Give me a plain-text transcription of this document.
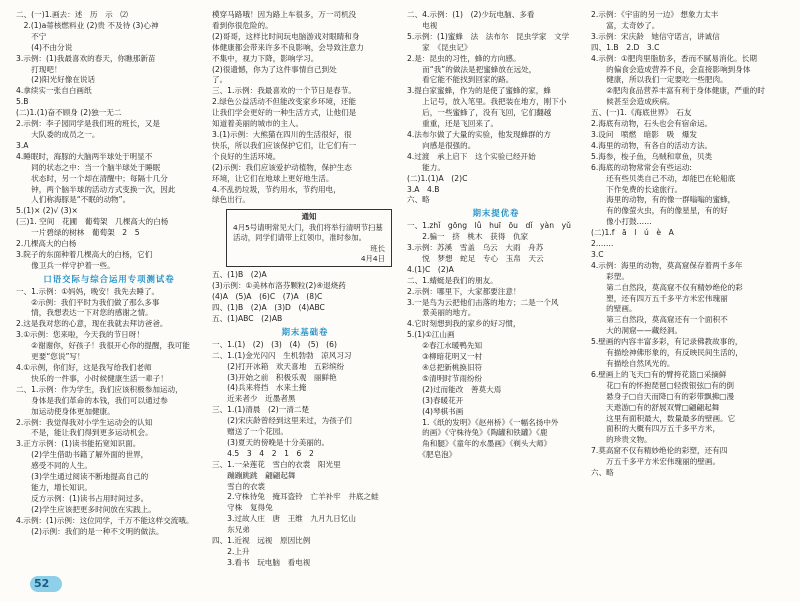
二、(一)1.画去：述　历　示　⑵
　2.(1)a蒂核燃料业 (2)贵 不及待 (3)心神
　　不宁
　　(4)不由分说
3.示例：(1)我最喜欢的春天，你瞧那新苗
　　打现吧！
　　(2)阳光好像在说话
4.拿续实一张自白画纸
5.B
(二)1.(1)奋不顾身 (2)独一无二
2.示例：李子园同学是我们班的班长，又是
　　大队委的成员之一。
3.A
4.睡眠时，海豚的大脑两半球处于明显不
　　同的状态之中：当一个脑半球处于睡眠
　　状态时，另一个却在清醒中；每隔十几分
　　钟，两个脑半球的活动方式变换一次，因此
　　人们称海豚是“不眠的动物”。
5.(1)× (2)√ (3)×
(三)1. 空间　花圃　葡萄架　几棵高大的白杨
　　一片碧绿的树林　葡萄架　2　5
2.几棵高大的白杨
3.院子的东面种着几棵高大的白杨，它们
　　像卫兵一样守护着一些。
口语交际与综合运用专项测试卷
一、1.示例：①妈妈，晚安！我先去睡了。
　　②示例：我们平时为我们做了那么多事
　　情，我想表达一下对您的感谢之情。
2.这是我对您的心意，现在我就去拜访爸爸。
3.①示例：您来啦，今天我的节日呀！
　　②谢谢你，好孩子！我很开心你的提醒，我可能
　　更要“您说”写！
4.①示例，你们好，这是我写给我们老师
　　快乐的一件事，小时候健康生活一辈子！
二、1.示例：作为学生，我们应该积极参加运动，
　　身体是我们革命的本钱，我们可以通过参
　　加运动使身体更加健康。
2.示例：我觉得我对小学生运动会的认知
　　不是，能让我们得到更多运动机会。
3.正方示例：(1)读书能拓宽知识面。
　　(2)学生借助书籍了解外面的世界，
　　感受不同的人生。
　　(3)学生通过阅读不断地提高自己的
　　能力，增长知识。
　　反方示例：(1)读书占用时间过多。
　　(2)学生应该把更多时间放在实践上。
4.示例：(1)示例：这位同学，千万不能这样交流哦。
　　(2)示例：我们的是一种不文明的做法。
模穿马路哦！因为路上车很多，万一司机没
看到你很危险的。
(2)哥哥，这样比时间玩电脑游戏对眼睛和身
体健康都会带来许多不良影响，会导致注意力
不集中，视力下降，影响学习。
(2)很遗憾，你为了这件事情自己到处
了。
三、1.示例：我最喜欢的一个节日是春节。
2.绿色公益活动不但能改变家乡环境，还能
让我们学会更好的一种生活方式，让他们是
知道着美丽的城市的主人。
3.(1)示例：大熊猫在四川的生活很好，很
快乐，所以我们应该保护它们，让它们有一
个良好的生活环境。
(2)示例：我们应该爱护动植物，保护生态
环境，让它们在地球上更好地生活。
4.不乱扔垃圾，节约用水，节约用电，
绿色出行。
通知
4月5号请明常见大门，我们将举行清明节扫墓活动，同学们请带上红领巾，准时参加。
班长
4月4日
五、(1)B　(2)A
(3)示例：①美林布洛芬颗粒(2)④退烧药
(4)A　(5)A　(6)C　(7)A　(8)C
四、(1)B　(2)A　(3)D　(4)ABC
五、(1)ABC　(2)AB
期末基础卷
一、1.(1)　(2)　(3)　(4)　(5)　(6)
二、1.(1)金光闪闪　生机勃勃　凉风习习
　　(2)打开冰箱　欢天喜地　五彩缤纷
　　(3)开始之前　积极乐观　丽鲜艳
　　(4)兵来将挡　水来土掩
　　近来者少　近墨者黑
三、1.(1)清晨　(2)一清二楚
　　(2)宋庆龄曾经到这里来过，为孩子们
　　赠送了一个花园。
　　(3)夏天的傍晚是十分美丽的。
　　4.5　3　4　2　1　6　2
三、1.一朵莲花　雪白的衣裳　阳光里
　　蹦蹦跳跳　翩翩起舞
　　雪白的衣裳
　　2.守株待兔　掩耳盗铃　亡羊补牢　井底之蛙
　　守株　复得兔
　　3.过故人庄　唐　王维　九月九日忆山
　　东兄弟
四、1.近视　远视　原因比例
　　2.上升
　　3.看书　玩电脑　看电视
二、4.示例：(1)　(2)少玩电脑、多看
　　电视
5.示例：(1)蜜蜂　法　法布尔　昆虫学家　文学
　　家　《昆虫记》
2.是：昆虫的习性，蜂的方向感。
　　而“我”的做法是把蜜蜂放在远处，
　　看它能不能找到回家的路。
3.提白家蜜蜂，作为的是使了蜜蜂的家，蜂
　　上记号，放入笔里。我把装在地方，刚下小
　　后，一些蜜蜂了，没有飞回，它们翻越
　　重重，还是飞回来了。
4.法布尔做了大量的实验，他发现蜂群的方
　　向感是很强的。
4.过渡　承上启下　这个实验已经开始
　　能力。
(二)1.(1)A　(2)C
3.A　4.B
六、略
期末提优卷
一、1.zhǐ　gōng　lǚ　huī　ōu　dǐ　yàn　yǔ
　　2.骗一　挤　桃木　获得　仇家
3.示例：苏溪　雪盖　乌云　大雨　舟苏
　　悦　梦想　蛇足　专心　玉帛　天云
4.(1)C　(2)A
二、1.蜻蜓是我们的朋友。
2.示例：哪里下，大家都要注意！
3.一是鸟为云把他们击落的地方；二是一个风
　　景美丽的地方。
4.它时刻想到我的家乡的好习惯，
5.(1)①江山画
　　②春江水暖鸭先知
　　③柳暗花明又一村
　　④总把新桃换旧符
　　⑤清明时节雨纷纷
　　(2)过而能改　善莫大焉
　　(3)春暖花开
　　(4)琴棋书画
　　1.《纸的发明》《赵州桥》《一幅名扬中外
　　的画》《守株待兔》《陶罐和铁罐》《鹿
　　角和腿》《童年的水墨画》《剃头大师》
　　《肥皂泡》
2.示例：《宇宙的另一边》 想象力太丰
　　富，太奇妙了。
3.示例：宋庆龄　她信守诺言，讲诚信
四、1.B　2.D　3.C
4.示例：①肥肉里脂肪多，香而不腻易消化。长期
　　的偏食会造成营养不良，会直接影响到身体
　　健康，所以我们一定要吃一些肥肉。
　　②肥肉食品营养丰富有利于身体健康，严重的时
　　候甚至会造成疾病。
五、(一)1.《海底世界》　石友
2.海底有动物，石头也会有宿命运。
3.设问　喷燃　暗影　吸　爆发
4.海里的动物，有各自的活动方法。
5.海参，梭子鱼，乌贼和章鱼，贝类
6.海底的动物常常会有些运动:
　　还有些贝类自己不动，却能巴在轮船底
　　下作免费的长途旅行。
　　海里的动物，有的像一群嗡嗡的蜜蜂，
　　有的像萤火虫，有的像星星，有的好
　　像小打鼓……
(二)1.f　ā　l　ú　è　A
2.……
3.C
4.示例：海里的动物，莫高窟保存着两千多年
　　彩塑。
　　第二自然段，莫高窟不仅有精妙绝伦的彩
　　塑，还有四万五千多平方米宏伟瑰丽
　　的壁画。
　　第三自然段，莫高窟还有一个面积不
　　大的洞窟——藏经洞。
5.壁画的内容丰富多彩，有记录佛教故事的，
　　有描绘神佛形象的，有反映民间生活的，
　　有描绘自然风光的。
6.壁画上的飞天□有的臂挎花篮□采摘鲜
　　花□有的怀抱琵琶□轻拨银弦□有的倒
　　悬身子□自天而降□有的彩带飘拂□漫
　　天遨游□有的舒展双臂□翩翩起舞
　　这里有面积最大，数量最多的壁画。它
　　面积的大概有四万五千多平方米，
　　的珍贵文物。
7.莫高窟不仅有精妙绝伦的彩塑，还有四
　　万五千多平方米宏伟瑰丽的壁画。
六、略
52
